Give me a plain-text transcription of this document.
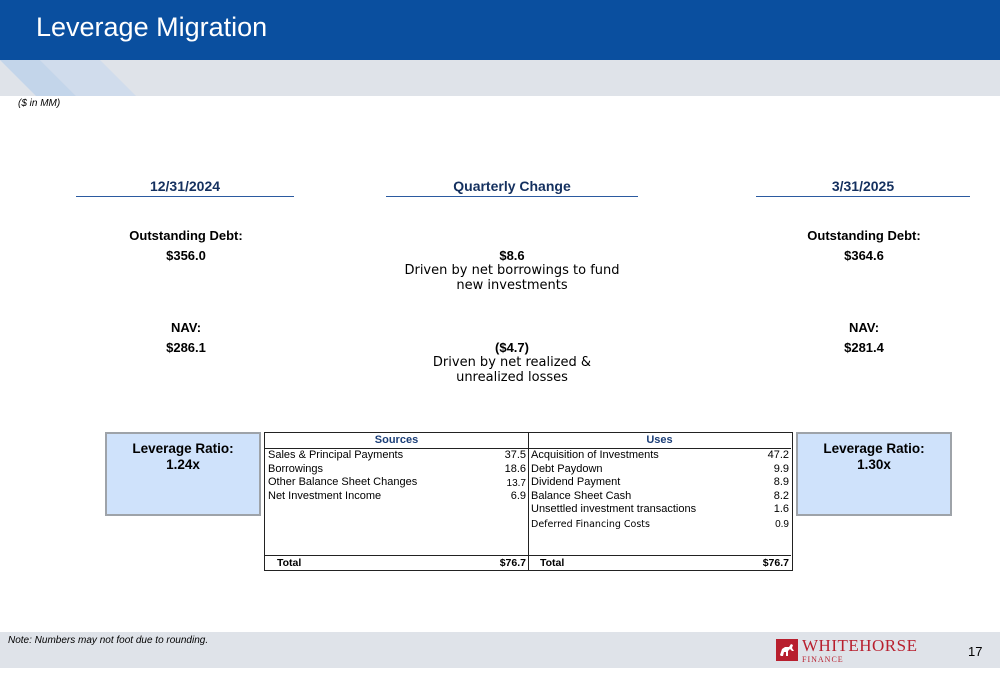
Leverage Migration
($ in MM)
12/31/2024	Quarterly Change	3/31/2025
Outstanding Debt:
$356.0	$8.6
Driven by net borrowings to fund
new investments
Outstanding Debt:
$364.6
NAV:
$286.1	($4.7)
Driven by net realized &
unrealized losses
NAV:
$281.4
Leverage Ratio:
1.24x
Leverage Ratio:
1.30x
Sources
Sales & Principal Payments	37.5
Borrowings	18.6
Other Balance Sheet Changes	13.7
Net Investment Income	6.9
Total	$76.7
Uses
Acquisition of Investments	47.2
Debt Paydown	9.9
Dividend Payment	8.9
Balance Sheet Cash	8.2
Unsettled investment transactions	1.6
Deferred Financing Costs	0.9
Total	$76.7
Note: Numbers may not foot due to rounding.	WHITEHORSE
FINANCE
17
